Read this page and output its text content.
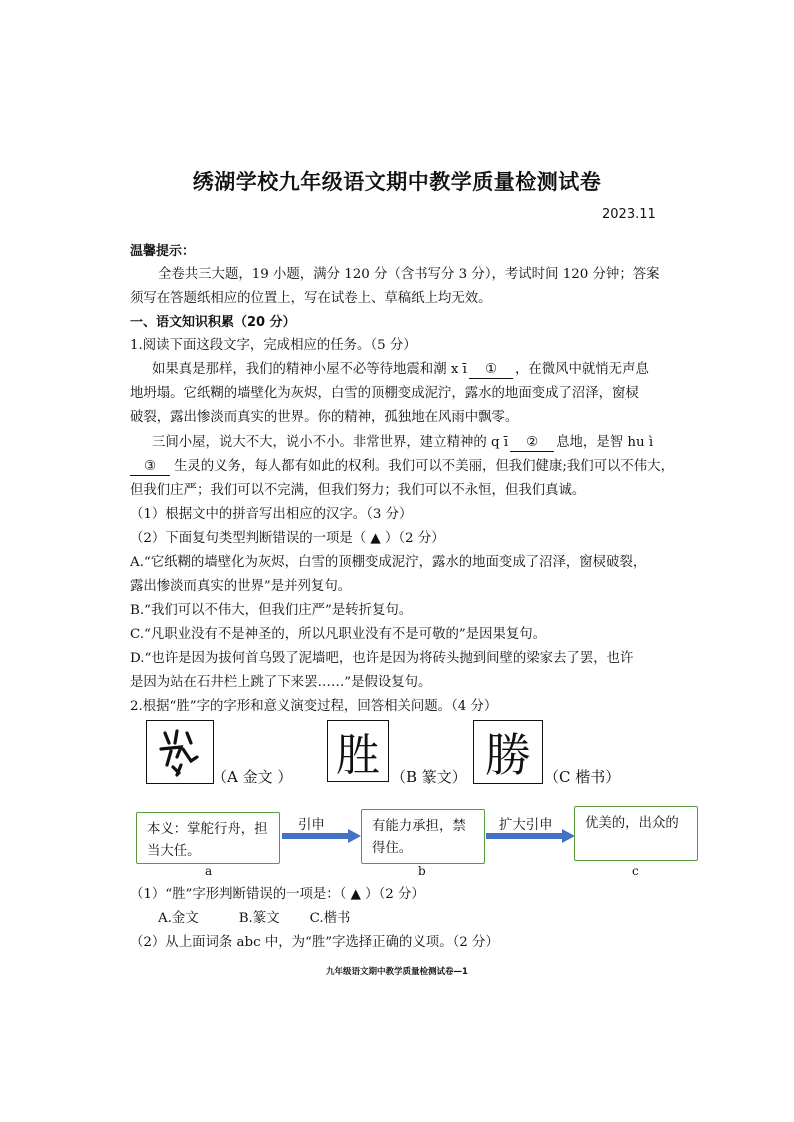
绣湖学校九年级语文期中教学质量检测试卷
2023.11
温馨提示：
全卷共三大题，19 小题，满分 120 分（含书写分 3 分），考试时间 120 分钟；答案
须写在答题纸相应的位置上，写在试卷上、草稿纸上均无效。
一、语文知识积累（20 分）
1.阅读下面这段文字，完成相应的任务。（5 分）
如果真是那样，我们的精神小屋不必等待地震和潮 x ī ① ，在微风中就悄无声息
地坍塌。它纸糊的墙壁化为灰烬，白雪的顶棚变成泥泞，露水的地面变成了沼泽，窗棂
破裂，露出惨淡而真实的世界。你的精神，孤独地在风雨中飘零。
三间小屋，说大不大，说小不小。非常世界，建立精神的 q ī ② 息地，是智 hu ì
③ 生灵的义务，每人都有如此的权利。我们可以不美丽，但我们健康;我们可以不伟大，
但我们庄严；我们可以不完满，但我们努力；我们可以不永恒，但我们真诚。
（1）根据文中的拼音写出相应的汉字。（3 分）
（2）下面复句类型判断错误的一项是（ ▲ ）（2 分）
A.“它纸糊的墙壁化为灰烬，白雪的顶棚变成泥泞，露水的地面变成了沼泽，窗棂破裂，
露出惨淡而真实的世界”是并列复句。
B.“我们可以不伟大，但我们庄严”是转折复句。
C.“凡职业没有不是神圣的，所以凡职业没有不是可敬的”是因果复句。
D.“也许是因为拔何首乌毁了泥墙吧，也许是因为将砖头抛到间壁的梁家去了罢，也许
是因为站在石井栏上跳了下来罢……”是假设复句。
2.根据“胜”字的字形和意义演变过程，回答相关问题。（4 分）
（A 金文 ） 胜 （B 篆文） 勝 （C 楷书）
本义：掌舵行舟，担当大任。
有能力承担，禁得住。
优美的，出众的
引申	扩大引申
a	b	c
（1）“胜”字形判断错误的一项是：（ ▲ ）（2 分）
A.金文	B.篆文 C.楷书
（2）从上面词条 abc 中，为“胜”字选择正确的义项。（2 分）
九年级语文期中教学质量检测试卷—1
